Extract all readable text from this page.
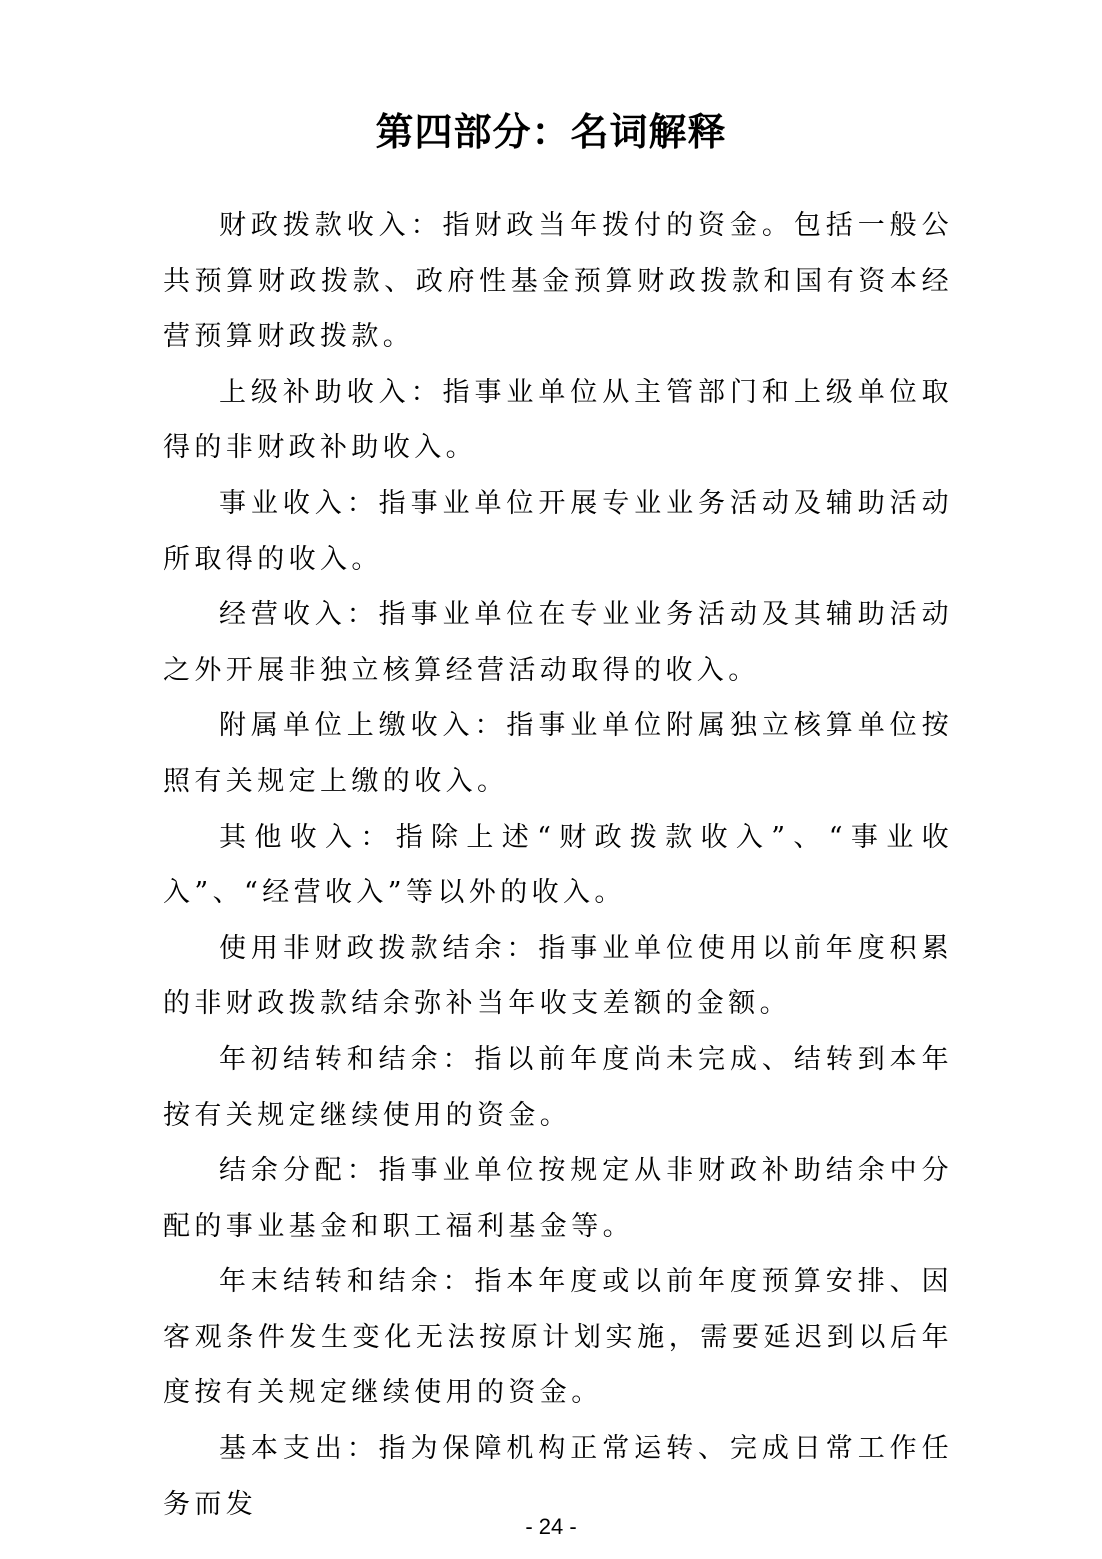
第四部分：名词解释

财政拨款收入：指财政当年拨付的资金。包括一般公共预算财政拨款、政府性基金预算财政拨款和国有资本经营预算财政拨款。

上级补助收入：指事业单位从主管部门和上级单位取得的非财政补助收入。

事业收入：指事业单位开展专业业务活动及辅助活动所取得的收入。

经营收入：指事业单位在专业业务活动及其辅助活动之外开展非独立核算经营活动取得的收入。

附属单位上缴收入：指事业单位附属独立核算单位按照有关规定上缴的收入。

其他收入：指除上述“财政拨款收入”、“事业收入”、“经营收入”等以外的收入。

使用非财政拨款结余：指事业单位使用以前年度积累的非财政拨款结余弥补当年收支差额的金额。

年初结转和结余：指以前年度尚未完成、结转到本年按有关规定继续使用的资金。

结余分配：指事业单位按规定从非财政补助结余中分配的事业基金和职工福利基金等。

年末结转和结余：指本年度或以前年度预算安排、因客观条件发生变化无法按原计划实施，需要延迟到以后年度按有关规定继续使用的资金。

基本支出：指为保障机构正常运转、完成日常工作任务而发

- 24 -
